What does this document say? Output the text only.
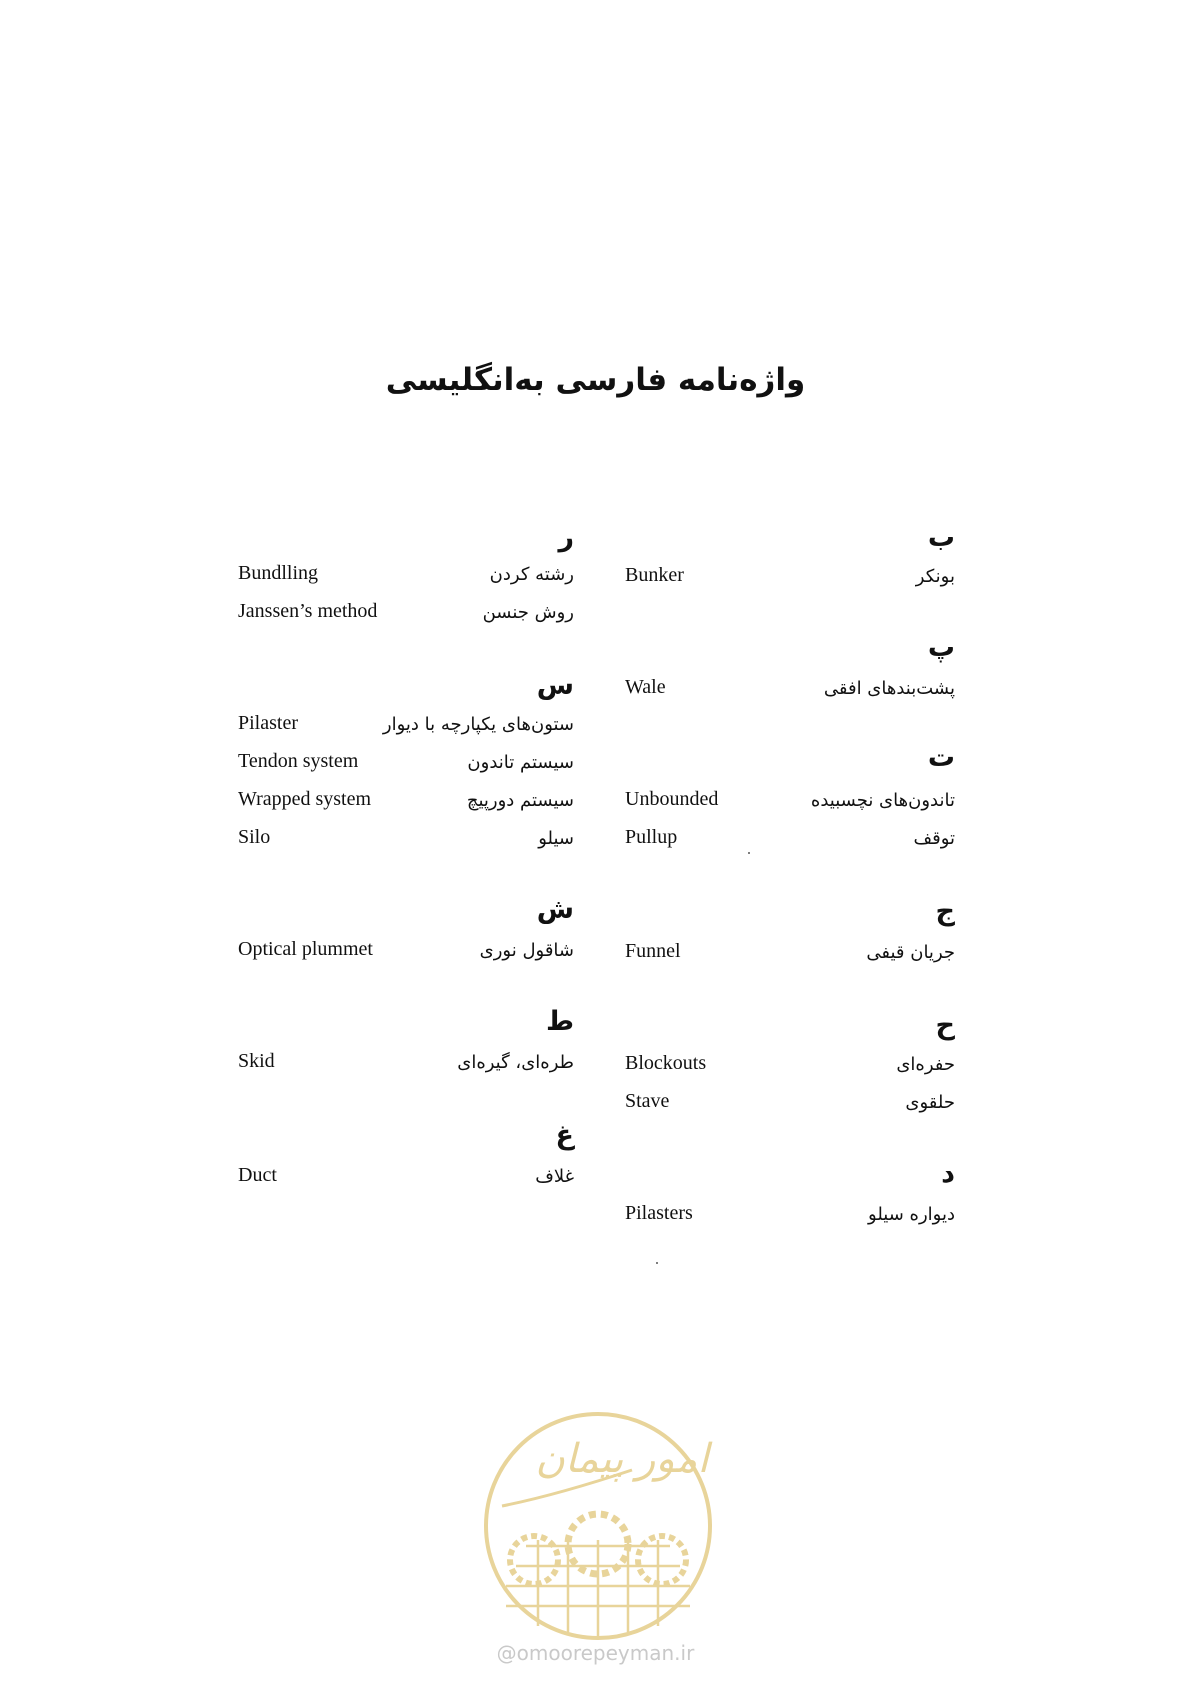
واژه‌نامه فارسی به‌انگلیسی
ب
Bunker	بونکر
پ
Wale	پشت‌بندهای افقی
ت
Unbounded	تاندون‌های نچسبیده
Pullup	توقف
ج
Funnel	جریان قیفی
ح
Blockouts	حفره‌ای
Stave	حلقوی
د
Pilasters	دیواره سیلو
ر
Bundlling	رشته کردن
Janssen’s method	روش جنسن
س
Pilaster	ستون‌های یکپارچه با دیوار
Tendon system	سیستم تاندون
Wrapped system	سیستم دورپیچ
Silo	سیلو
ش
Optical plummet	شاقول نوری
ط
Skid	طره‌ای، گیره‌ای
غ
Duct	غلاف
امور پیمان
@omoorepeyman.ir
